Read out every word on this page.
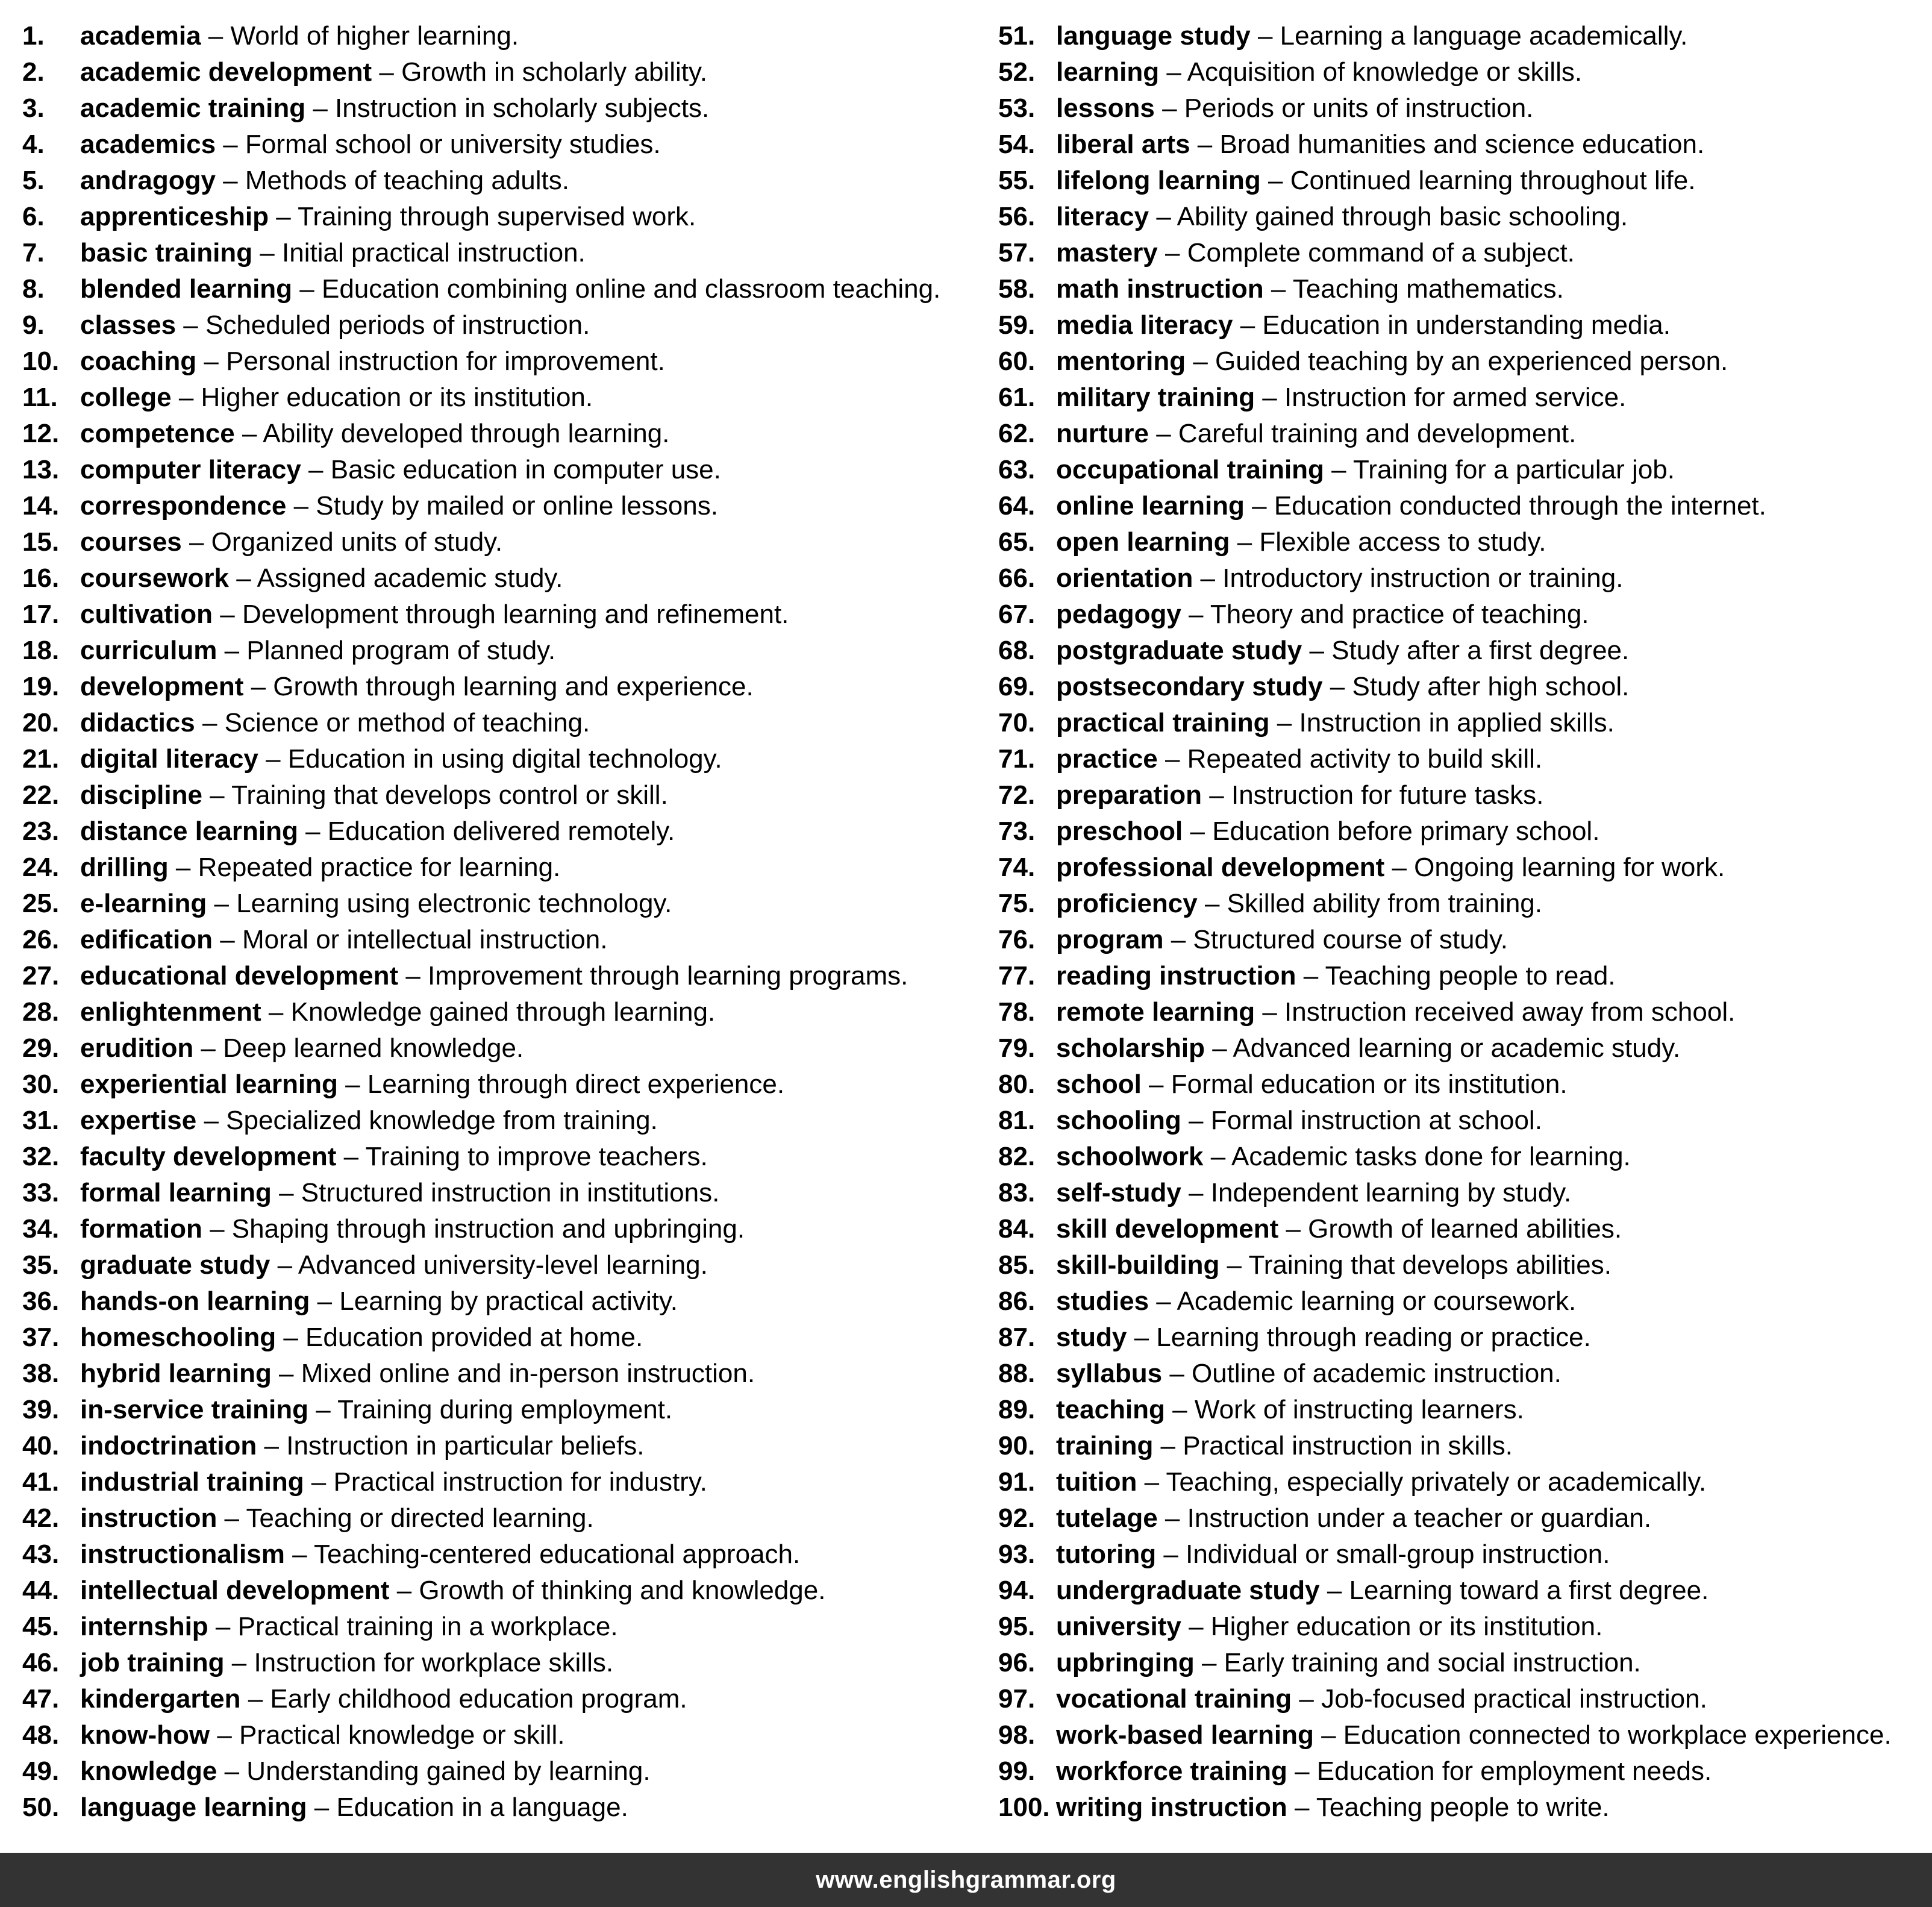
1. academia – World of higher learning.
2. academic development – Growth in scholarly ability.
3. academic training – Instruction in scholarly subjects.
4. academics – Formal school or university studies.
5. andragogy – Methods of teaching adults.
6. apprenticeship – Training through supervised work.
7. basic training – Initial practical instruction.
8. blended learning – Education combining online and classroom teaching.
9. classes – Scheduled periods of instruction.
10. coaching – Personal instruction for improvement.
11. college – Higher education or its institution.
12. competence – Ability developed through learning.
13. computer literacy – Basic education in computer use.
14. correspondence – Study by mailed or online lessons.
15. courses – Organized units of study.
16. coursework – Assigned academic study.
17. cultivation – Development through learning and refinement.
18. curriculum – Planned program of study.
19. development – Growth through learning and experience.
20. didactics – Science or method of teaching.
21. digital literacy – Education in using digital technology.
22. discipline – Training that develops control or skill.
23. distance learning – Education delivered remotely.
24. drilling – Repeated practice for learning.
25. e-learning – Learning using electronic technology.
26. edification – Moral or intellectual instruction.
27. educational development – Improvement through learning programs.
28. enlightenment – Knowledge gained through learning.
29. erudition – Deep learned knowledge.
30. experiential learning – Learning through direct experience.
31. expertise – Specialized knowledge from training.
32. faculty development – Training to improve teachers.
33. formal learning – Structured instruction in institutions.
34. formation – Shaping through instruction and upbringing.
35. graduate study – Advanced university-level learning.
36. hands-on learning – Learning by practical activity.
37. homeschooling – Education provided at home.
38. hybrid learning – Mixed online and in-person instruction.
39. in-service training – Training during employment.
40. indoctrination – Instruction in particular beliefs.
41. industrial training – Practical instruction for industry.
42. instruction – Teaching or directed learning.
43. instructionalism – Teaching-centered educational approach.
44. intellectual development – Growth of thinking and knowledge.
45. internship – Practical training in a workplace.
46. job training – Instruction for workplace skills.
47. kindergarten – Early childhood education program.
48. know-how – Practical knowledge or skill.
49. knowledge – Understanding gained by learning.
50. language learning – Education in a language.
51. language study – Learning a language academically.
52. learning – Acquisition of knowledge or skills.
53. lessons – Periods or units of instruction.
54. liberal arts – Broad humanities and science education.
55. lifelong learning – Continued learning throughout life.
56. literacy – Ability gained through basic schooling.
57. mastery – Complete command of a subject.
58. math instruction – Teaching mathematics.
59. media literacy – Education in understanding media.
60. mentoring – Guided teaching by an experienced person.
61. military training – Instruction for armed service.
62. nurture – Careful training and development.
63. occupational training – Training for a particular job.
64. online learning – Education conducted through the internet.
65. open learning – Flexible access to study.
66. orientation – Introductory instruction or training.
67. pedagogy – Theory and practice of teaching.
68. postgraduate study – Study after a first degree.
69. postsecondary study – Study after high school.
70. practical training – Instruction in applied skills.
71. practice – Repeated activity to build skill.
72. preparation – Instruction for future tasks.
73. preschool – Education before primary school.
74. professional development – Ongoing learning for work.
75. proficiency – Skilled ability from training.
76. program – Structured course of study.
77. reading instruction – Teaching people to read.
78. remote learning – Instruction received away from school.
79. scholarship – Advanced learning or academic study.
80. school – Formal education or its institution.
81. schooling – Formal instruction at school.
82. schoolwork – Academic tasks done for learning.
83. self-study – Independent learning by study.
84. skill development – Growth of learned abilities.
85. skill-building – Training that develops abilities.
86. studies – Academic learning or coursework.
87. study – Learning through reading or practice.
88. syllabus – Outline of academic instruction.
89. teaching – Work of instructing learners.
90. training – Practical instruction in skills.
91. tuition – Teaching, especially privately or academically.
92. tutelage – Instruction under a teacher or guardian.
93. tutoring – Individual or small-group instruction.
94. undergraduate study – Learning toward a first degree.
95. university – Higher education or its institution.
96. upbringing – Early training and social instruction.
97. vocational training – Job-focused practical instruction.
98. work-based learning – Education connected to workplace experience.
99. workforce training – Education for employment needs.
100. writing instruction – Teaching people to write.
www.englishgrammar.org
